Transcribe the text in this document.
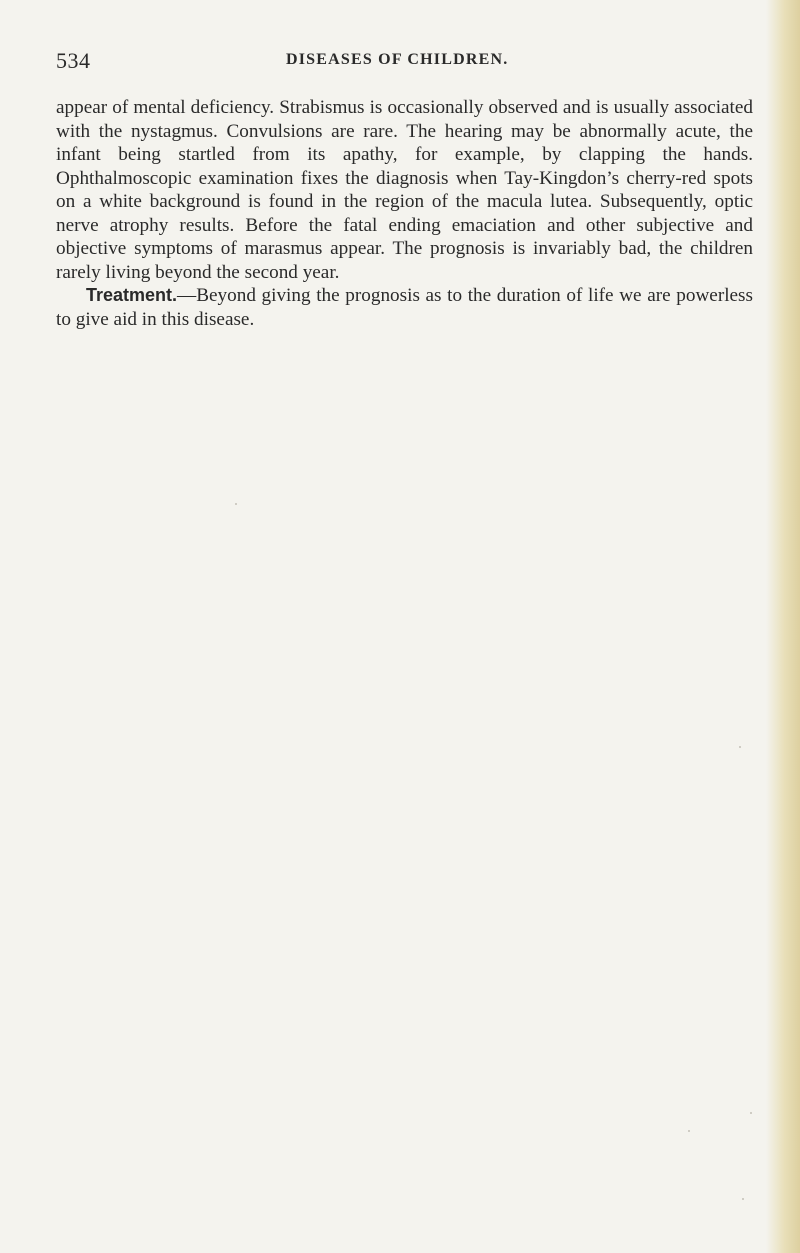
534	DISEASES OF CHILDREN.

appear of mental deficiency. Strabismus is occasionally observed and is usually associated with the nystagmus. Convulsions are rare. The hearing may be abnormally acute, the infant being startled from its apathy, for example, by clapping the hands. Ophthalmoscopic examination fixes the diagnosis when Tay-Kingdon’s cherry-red spots on a white background is found in the region of the macula lutea. Subsequently, optic nerve atrophy results. Before the fatal ending emaciation and other subjective and objective symptoms of marasmus appear. The prognosis is invariably bad, the children rarely living beyond the second year.

Treatment.—Beyond giving the prognosis as to the duration of life we are powerless to give aid in this disease.
